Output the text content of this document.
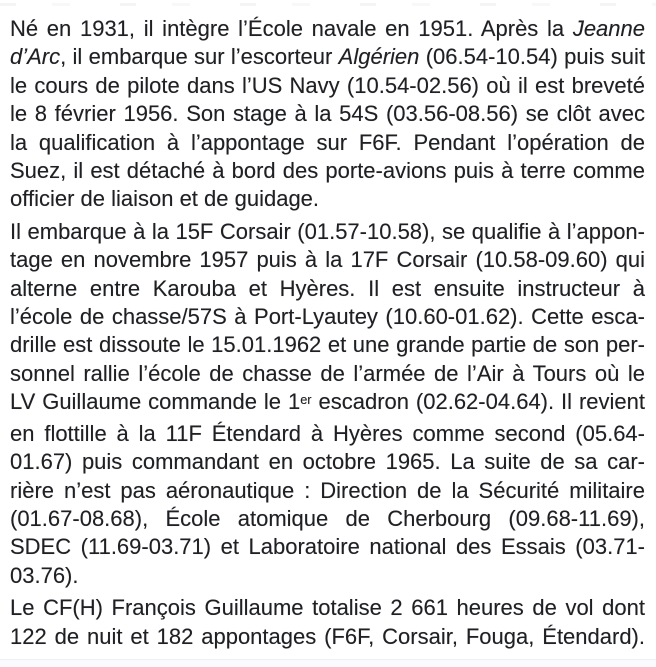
Né en 1931, il intègre l’École navale en 1951. Après la Jeanne
d’Arc, il embarque sur l’escorteur Algérien (06.54-10.54) puis suit
le cours de pilote dans l’US Navy (10.54-02.56) où il est breveté
le 8 février 1956. Son stage à la 54S (03.56-08.56) se clôt avec
la qualification à l’appontage sur F6F. Pendant l’opération de
Suez, il est détaché à bord des porte-avions puis à terre comme
officier de liaison et de guidage.
Il embarque à la 15F Corsair (01.57-10.58), se qualifie à l’appon-
tage en novembre 1957 puis à la 17F Corsair (10.58-09.60) qui
alterne entre Karouba et Hyères. Il est ensuite instructeur à
l’école de chasse/57S à Port-Lyautey (10.60-01.62). Cette esca-
drille est dissoute le 15.01.1962 et une grande partie de son per-
sonnel rallie l’école de chasse de l’armée de l’Air à Tours où le
LV Guillaume commande le 1er escadron (02.62-04.64). Il revient
en flottille à la 11F Étendard à Hyères comme second (05.64-
01.67) puis commandant en octobre 1965. La suite de sa car-
rière n’est pas aéronautique : Direction de la Sécurité militaire
(01.67-08.68), École atomique de Cherbourg (09.68-11.69),
SDEC (11.69-03.71) et Laboratoire national des Essais (03.71-
03.76).
Le CF(H) François Guillaume totalise 2 661 heures de vol dont
122 de nuit et 182 appontages (F6F, Corsair, Fouga, Étendard).
